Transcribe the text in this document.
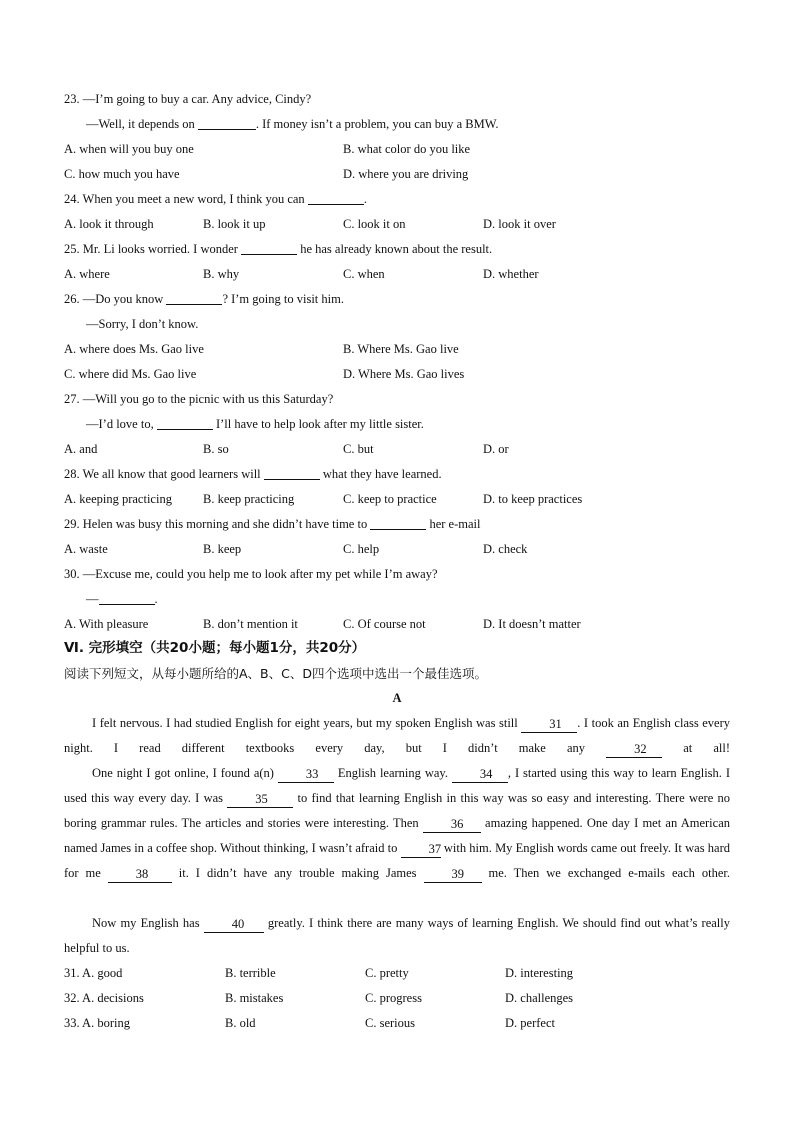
23. —I’m going to buy a car. Any advice, Cindy?
—Well, it depends on	. If money isn’t a problem, you can buy a BMW.
A. when will you buy one	B. what color do you like
C. how much you have	D. where you are driving
24. When you meet a new word, I think you can	.
A. look it through	B. look it up	C. look it on	D. look it over
25. Mr. Li looks worried. I wonder	he has already known about the result.
A. where	B. why	C. when	D. whether
26. —Do you know	? I’m going to visit him.
—Sorry, I don’t know.
A. where does Ms. Gao live	B. Where Ms. Gao live
C. where did Ms. Gao live	D. Where Ms. Gao lives
27. —Will you go to the picnic with us this Saturday?
—I’d love to,	I’ll have to help look after my little sister.
A. and	B. so	C. but	D. or
28. We all know that good learners will	what they have learned.
A. keeping practicing B. keep practicing	C. keep to practice	D. to keep practices
29. Helen was busy this morning and she didn’t have time to	her e-mail
A. waste	B. keep	C. help	D. check
30. —Excuse me, could you help me to look after my pet while I’m away?
—	.
A. With pleasure	B. don’t mention it	C. Of course not	D. It doesn’t matter
Ⅵ. 完形填空（共20小题；每小题1分，共20分）
阅读下列短文，从每小题所给的A、B、C、D四个选项中选出一个最佳选项。
A
I felt nervous. I had studied English for eight years, but my spoken English was still 31 . I took an English class every night. I read different textbooks every day, but I didn’t make any 32 at all!
One night I got online, I found a(n) 33 English learning way. 34 , I started using this way to learn English. I used this way every day. I was 35 to find that learning English in this way was so easy and interesting. There were no boring grammar rules. The articles and stories were interesting. Then 36 amazing happened. One day I met an American named James in a coffee shop. Without thinking, I wasn’t afraid to 37 with him. My English words came out freely. It was hard for me 38 it. I didn’t have any trouble making James 39 me. Then we exchanged e-mails each other.
Now my English has 40 greatly. I think there are many ways of learning English. We should find out what’s really helpful to us.
31. A. good	B. terrible	C. pretty	D. interesting
32. A. decisions	B. mistakes	C. progress	D. challenges
33. A. boring	B. old	C. serious	D. perfect
